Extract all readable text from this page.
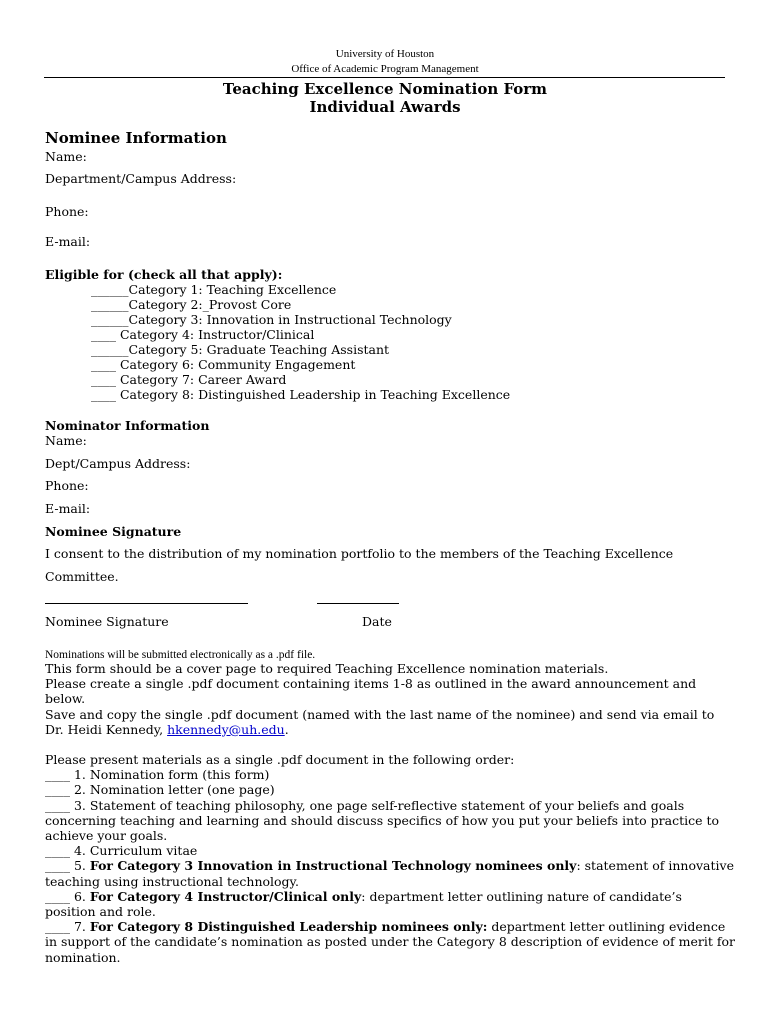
University of Houston
Office of Academic Program Management
Teaching Excellence Nomination Form
Individual Awards
Nominee Information
Name:
Department/Campus Address:
Phone:
E-mail:
Eligible for (check all that apply):
______Category 1: Teaching Excellence
______Category 2:_Provost Core
______Category 3: Innovation in Instructional Technology
____ Category 4: Instructor/Clinical
______Category 5: Graduate Teaching Assistant
____ Category 6: Community Engagement
____ Category 7: Career Award
____ Category 8: Distinguished Leadership in Teaching Excellence
Nominator Information
Name:
Dept/Campus Address:
Phone:
E-mail:
Nominee Signature
I consent to the distribution of my nomination portfolio to the members of the Teaching Excellence
Committee.
Nominee Signature	Date
Nominations will be submitted electronically as a .pdf file.
This form should be a cover page to required Teaching Excellence nomination materials.
Please create a single .pdf document containing items 1-8 as outlined in the award announcement and below.
Save and copy the single .pdf document (named with the last name of the nominee) and send via email to Dr. Heidi Kennedy, hkennedy@uh.edu.
Please present materials as a single .pdf document in the following order:
____ 1. Nomination form (this form)
____ 2. Nomination letter (one page)
____ 3. Statement of teaching philosophy, one page self-reflective statement of your beliefs and goals concerning teaching and learning and should discuss specifics of how you put your beliefs into practice to achieve your goals.
____ 4. Curriculum vitae
____ 5. For Category 3 Innovation in Instructional Technology nominees only: statement of innovative teaching using instructional technology.
____ 6. For Category 4 Instructor/Clinical only: department letter outlining nature of candidate’s position and role.
____ 7. For Category 8 Distinguished Leadership nominees only: department letter outlining evidence in support of the candidate’s nomination as posted under the Category 8 description of evidence of merit for nomination.
